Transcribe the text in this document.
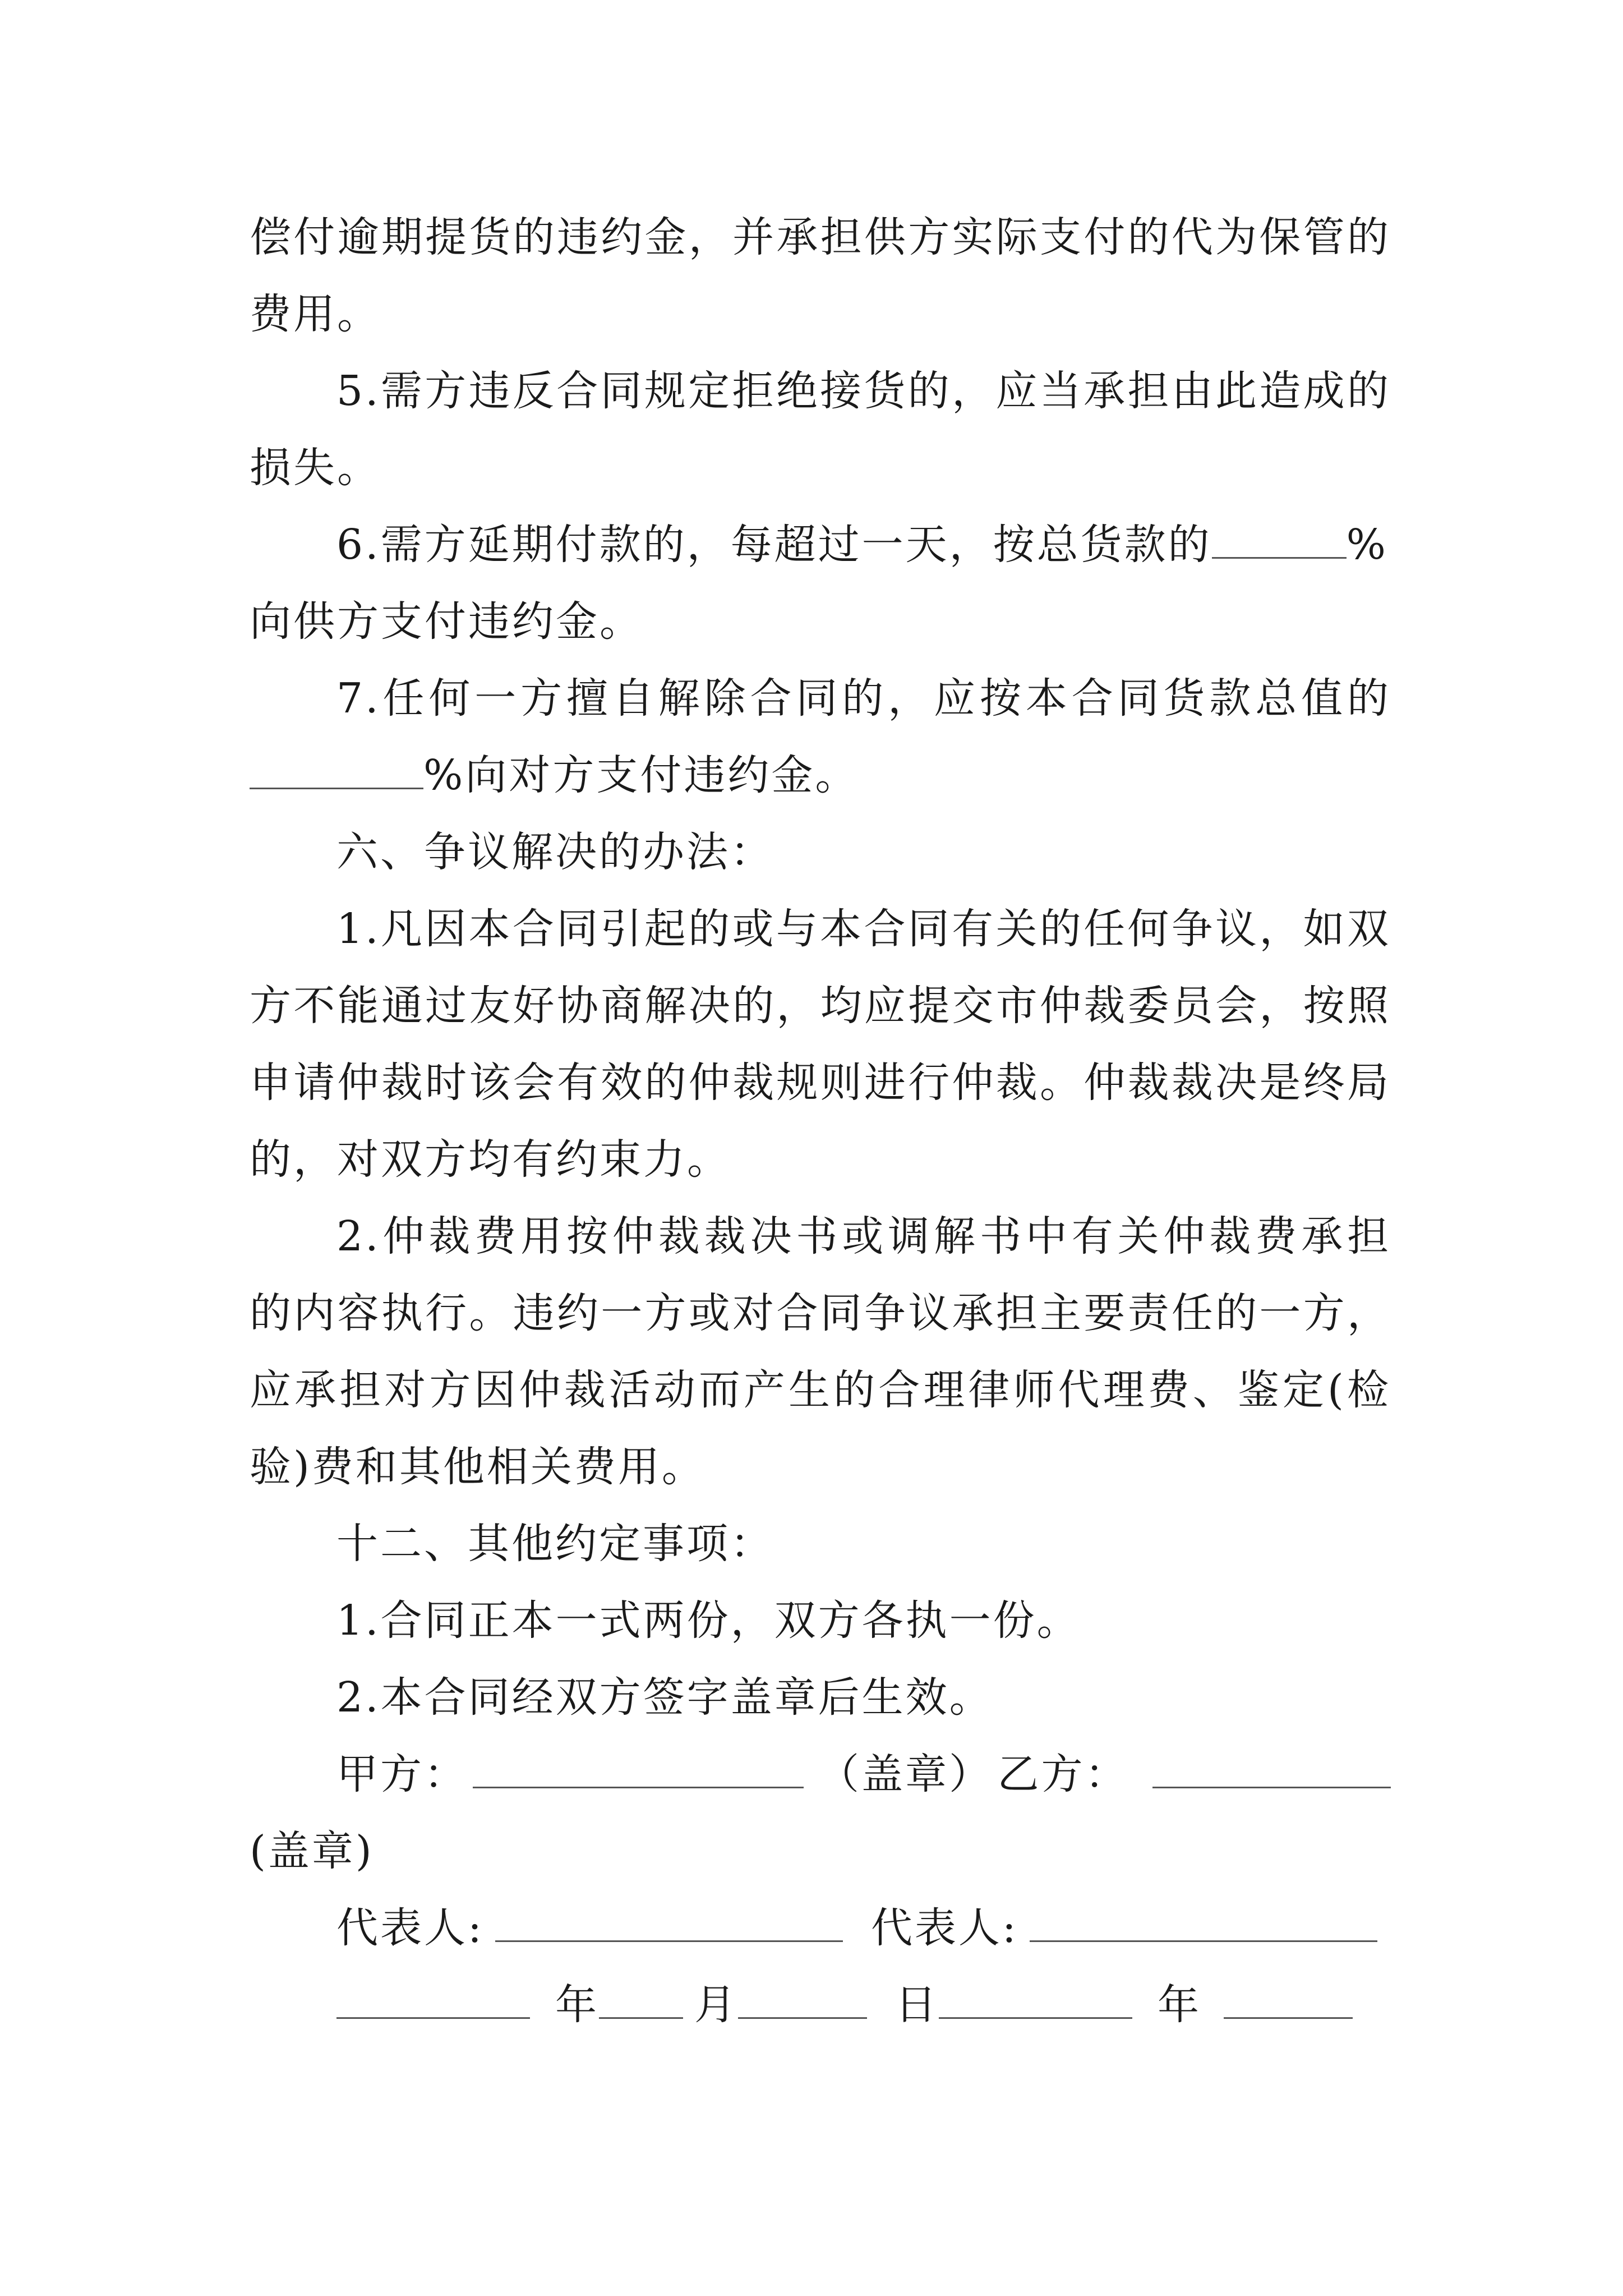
偿付逾期提货的违约金，并承担供方实际支付的代为保管的
费用。
5.需方违反合同规定拒绝接货的，应当承担由此造成的
损失。
6.需方延期付款的，每超过一天，按总货款的	%
向供方支付违约金。
7.任何一方擅自解除合同的，应按本合同货款总值的
%向对方支付违约金。
六、争议解决的办法：
1.凡因本合同引起的或与本合同有关的任何争议，如双
方不能通过友好协商解决的，均应提交市仲裁委员会，按照
申请仲裁时该会有效的仲裁规则进行仲裁。仲裁裁决是终局
的，对双方均有约束力。
2.仲裁费用按仲裁裁决书或调解书中有关仲裁费承担
的内容执行。违约一方或对合同争议承担主要责任的一方，
应承担对方因仲裁活动而产生的合理律师代理费、鉴定(检
验)费和其他相关费用。
十二、其他约定事项：
1.合同正本一式两份，双方各执一份。
2.本合同经双方签字盖章后生效。
甲方：	（盖章） 乙方：
(盖章)
代表人:	代表人:
年 月	日	年
